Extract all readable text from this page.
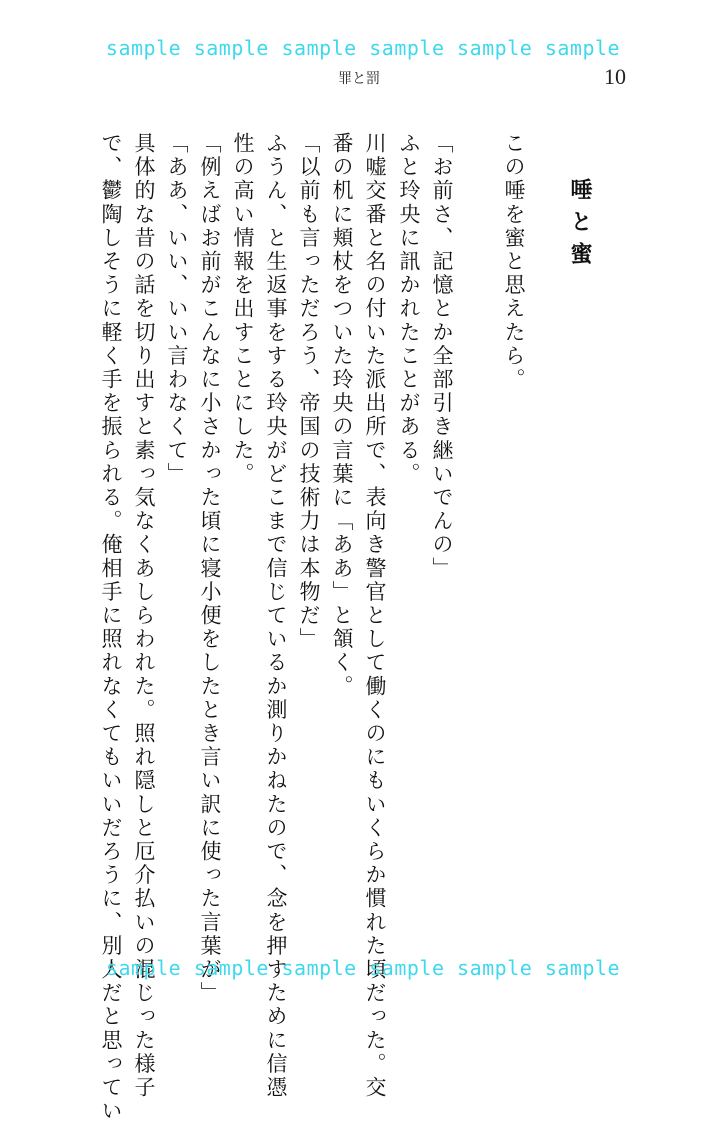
sample sample sample sample sample sample
罪と罰	10
唾と蜜
この唾を蜜と思えたら。
「お前さ、記憶とか全部引き継いでんの」
ふと玲央に訊かれたことがある。
川嘘交番と名の付いた派出所で、表向き警官として働くのにもいくらか慣れた頃だった。交
番の机に頬杖をついた玲央の言葉に「ああ」と頷く。
「以前も言っただろう、帝国の技術力は本物だ」
ふうん、と生返事をする玲央がどこまで信じているか測りかねたので、念を押すために信憑
性の高い情報を出すことにした。
「例えばお前がこんなに小さかった頃に寝小便をしたとき言い訳に使った言葉が」
「ああ、いい、いい言わなくて」
具体的な昔の話を切り出すと素っ気なくあしらわれた。照れ隠しと厄介払いの混じった様子
で、鬱陶しそうに軽く手を振られる。俺相手に照れなくてもいいだろうに、別人だと思ってい
sample sample sample sample sample sample
